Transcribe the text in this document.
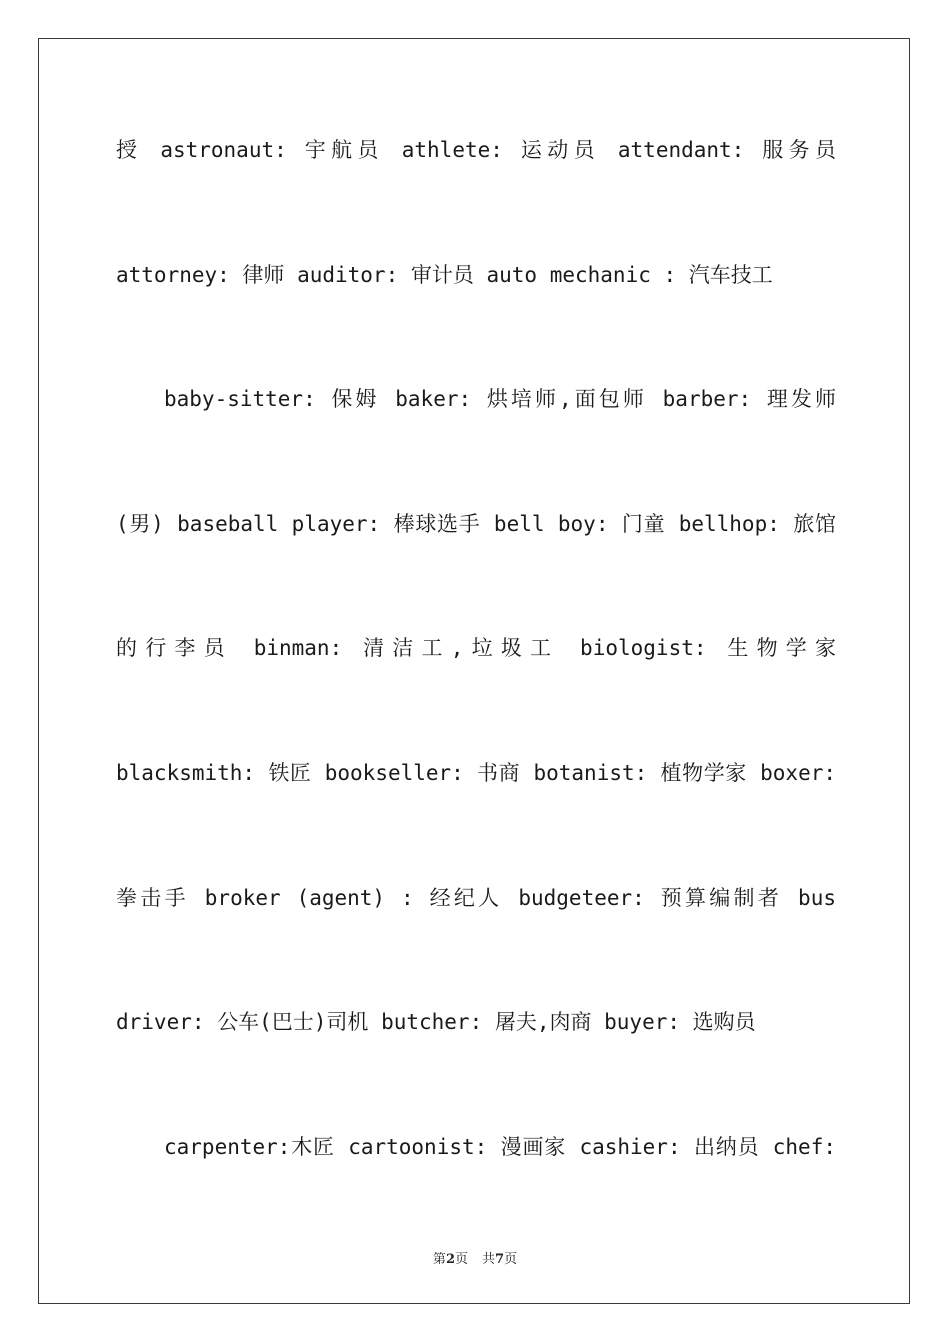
授 astronaut: 宇航员 athlete: 运动员 attendant: 服务员
attorney: 律师 auditor: 审计员 auto mechanic : 汽车技工
baby-sitter: 保姆 baker: 烘培师,面包师 barber: 理发师
(男) baseball player: 棒球选手 bell boy: 门童 bellhop: 旅馆
的行李员 binman: 清洁工,垃圾工 biologist: 生物学家
blacksmith: 铁匠 bookseller: 书商 botanist: 植物学家 boxer:
拳击手 broker (agent) : 经纪人 budgeteer: 预算编制者 bus
driver: 公车(巴士)司机 butcher: 屠夫,肉商 buyer: 选购员
carpenter:木匠 cartoonist: 漫画家 cashier: 出纳员 chef:
第2页 共7页
